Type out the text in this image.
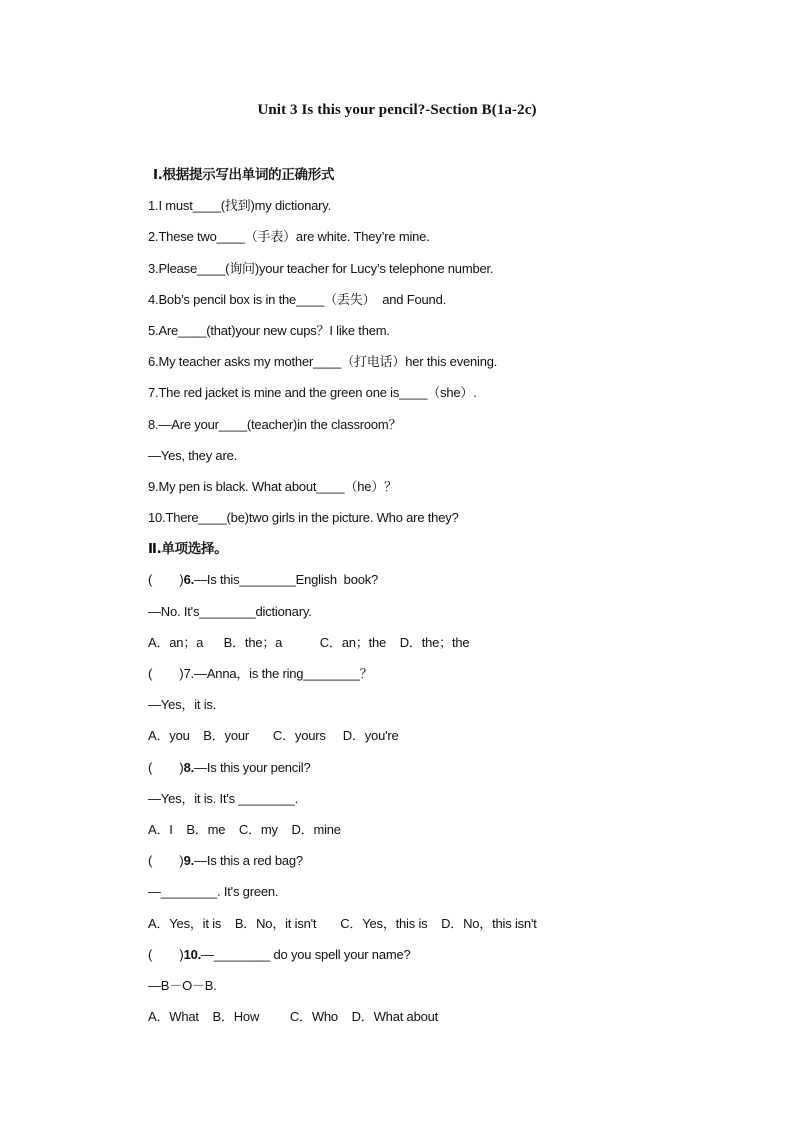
Unit 3 Is this your pencil?-Section B(1a-2c)
Ⅰ.根据提示写出单词的正确形式
1.I must____(找到)my dictionary.
2.These two____（手表）are white. They’re mine.
3.Please____(询问)your teacher for Lucy’s telephone number.
4.Bob’s pencil box is in the____（丢失）  and Found.
5.Are____(that)your new cups？I like them.
6.My teacher asks my mother____（打电话）her this evening.
7.The red jacket is mine and the green one is____（she）.
8.—Are your____(teacher)in the classroom？
—Yes, they are.
9.My pen is black. What about____（he）？
10.There____(be)two girls in the picture. Who are they?
Ⅱ.单项选择。
(        )6.—Is this________English  book?
—No. It's________dictionary.
A．an；a      B．the；a           C．an；the    D．the；the
(        )7.—Anna，is the ring________？
—Yes，it is.
A．you    B．your       C．yours     D．you're
(        )8.—Is this your pencil?
—Yes，it is. It's ________.
A．I    B．me    C．my    D．mine
(        )9.—Is this a red bag?
—________. It's green.
A．Yes，it is    B．No，it isn't       C．Yes，this is    D．No，this isn't
(        )10.—________ do you spell your name?
—B－O－B.
A．What    B．How         C．Who    D．What about
